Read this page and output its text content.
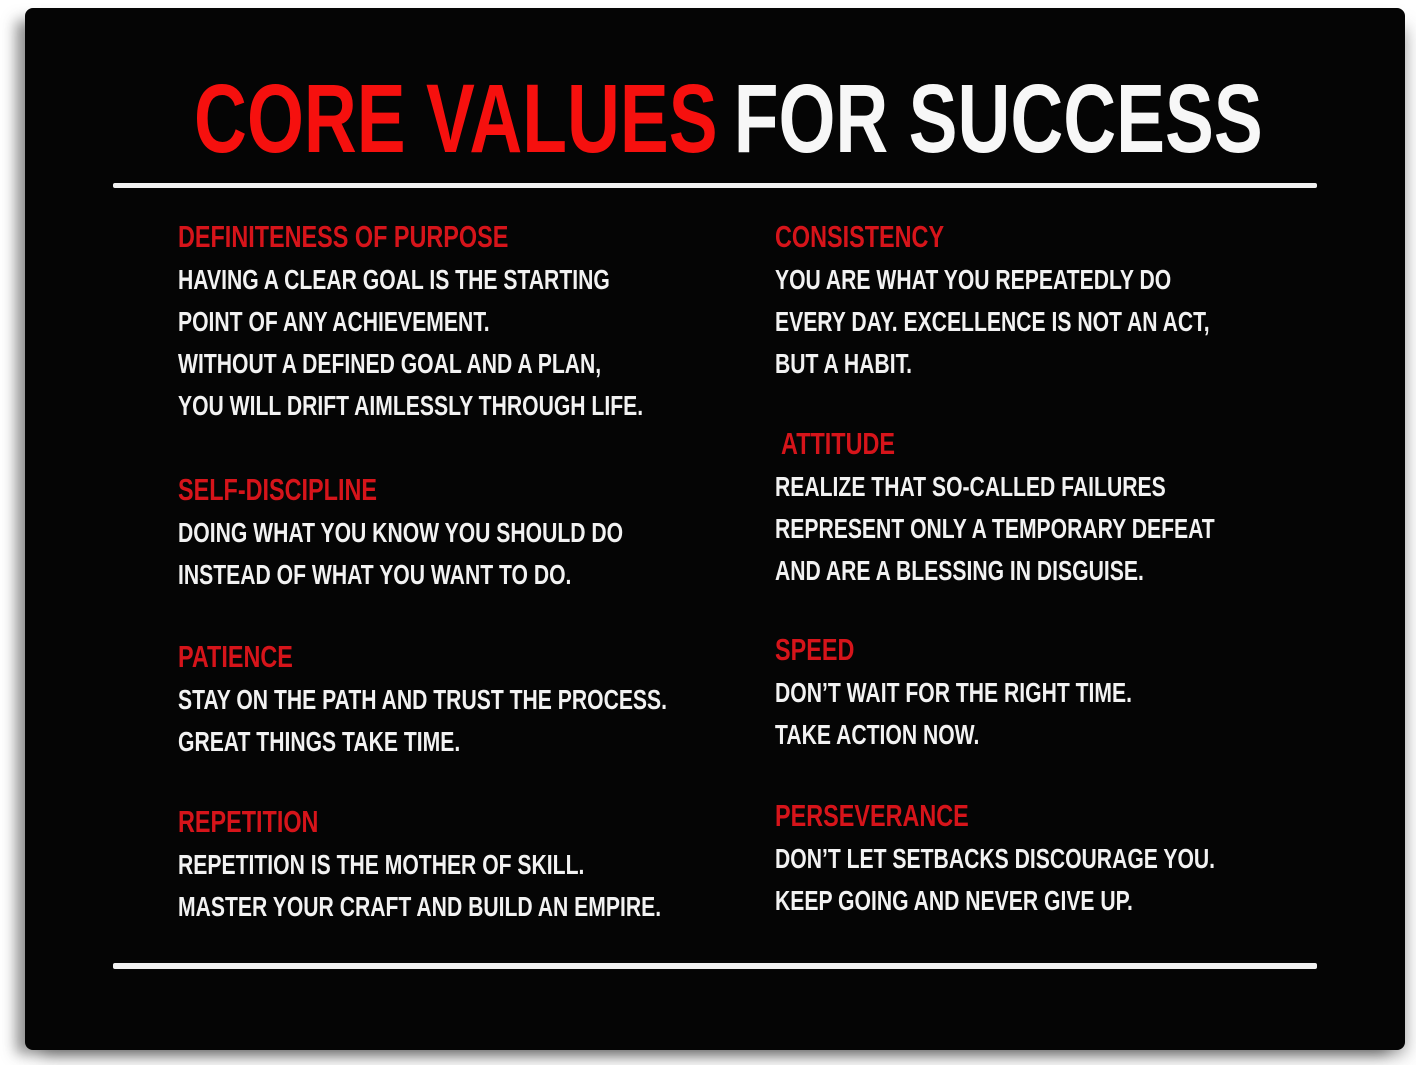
CORE VALUES FOR SUCCESS
DEFINITENESS OF PURPOSE

HAVING A CLEAR GOAL IS THE STARTING

POINT OF ANY ACHIEVEMENT.

WITHOUT A DEFINED GOAL AND A PLAN,

YOU WILL DRIFT AIMLESSLY THROUGH LIFE.

SELF-DISCIPLINE

DOING WHAT YOU KNOW YOU SHOULD DO

INSTEAD OF WHAT YOU WANT TO DO.

PATIENCE

STAY ON THE PATH AND TRUST THE PROCESS.

GREAT THINGS TAKE TIME.

REPETITION

REPETITION IS THE MOTHER OF SKILL.

MASTER YOUR CRAFT AND BUILD AN EMPIRE.

CONSISTENCY

YOU ARE WHAT YOU REPEATEDLY DO

EVERY DAY. EXCELLENCE IS NOT AN ACT,

BUT A HABIT.

ATTITUDE

REALIZE THAT SO-CALLED FAILURES

REPRESENT ONLY A TEMPORARY DEFEAT

AND ARE A BLESSING IN DISGUISE.

SPEED

DON’T WAIT FOR THE RIGHT TIME.

TAKE ACTION NOW.

PERSEVERANCE

DON’T LET SETBACKS DISCOURAGE YOU.

KEEP GOING AND NEVER GIVE UP.
